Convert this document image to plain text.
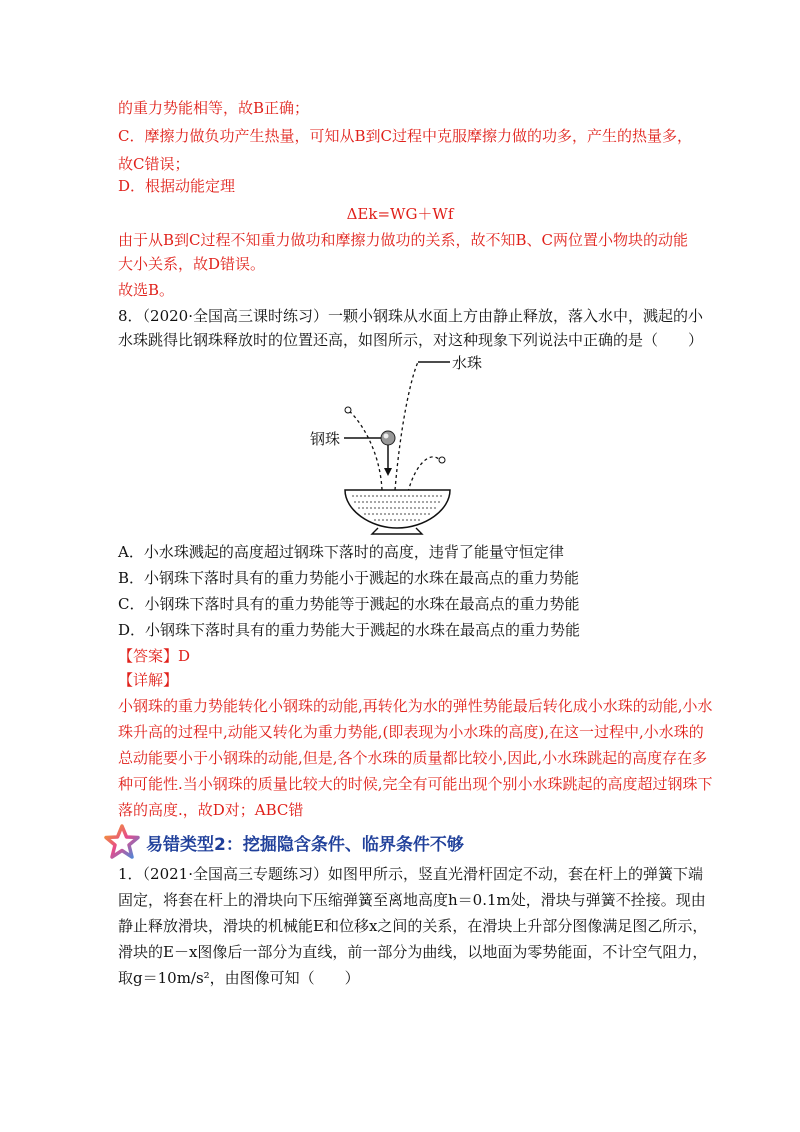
的重力势能相等，故B正确；
C．摩擦力做负功产生热量，可知从B到C过程中克服摩擦力做的功多，产生的热量多，
故C错误；
D．根据动能定理
ΔEk=WG＋Wf
由于从B到C过程不知重力做功和摩擦力做功的关系，故不知B、C两位置小物块的动能
大小关系，故D错误。
故选B。
8．（2020·全国高三课时练习）一颗小钢珠从水面上方由静止释放，落入水中，溅起的小
水珠跳得比钢珠释放时的位置还高，如图所示，对这种现象下列说法中正确的是（　　）
水珠
钢珠
A．小水珠溅起的高度超过钢珠下落时的高度，违背了能量守恒定律
B．小钢珠下落时具有的重力势能小于溅起的水珠在最高点的重力势能
C．小钢珠下落时具有的重力势能等于溅起的水珠在最高点的重力势能
D．小钢珠下落时具有的重力势能大于溅起的水珠在最高点的重力势能
【答案】D
【详解】
小钢珠的重力势能转化小钢珠的动能,再转化为水的弹性势能最后转化成小水珠的动能,小水
珠升高的过程中,动能又转化为重力势能,(即表现为小水珠的高度),在这一过程中,小水珠的
总动能要小于小钢珠的动能,但是,各个水珠的质量都比较小,因此,小水珠跳起的高度存在多
种可能性.当小钢珠的质量比较大的时候,完全有可能出现个别小水珠跳起的高度超过钢珠下
落的高度.，故D对；ABC错
易错类型2：挖掘隐含条件、临界条件不够
1．（2021·全国高三专题练习）如图甲所示，竖直光滑杆固定不动，套在杆上的弹簧下端
固定，将套在杆上的滑块向下压缩弹簧至离地高度h＝0.1m处，滑块与弹簧不拴接。现由
静止释放滑块，滑块的机械能E和位移x之间的关系，在滑块上升部分图像满足图乙所示，
滑块的E－x图像后一部分为直线，前一部分为曲线，以地面为零势能面，不计空气阻力，
取g＝10m/s²，由图像可知（　　）
